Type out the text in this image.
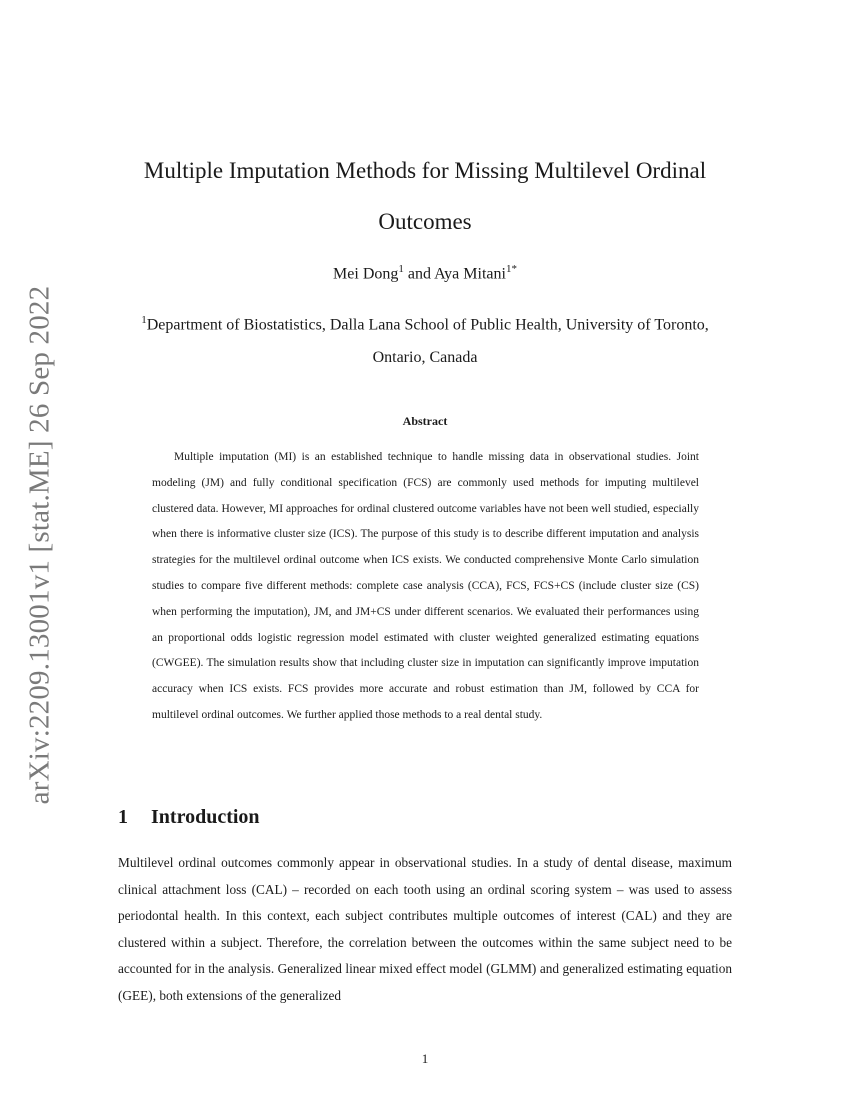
arXiv:2209.13001v1 [stat.ME] 26 Sep 2022
Multiple Imputation Methods for Missing Multilevel Ordinal Outcomes
Mei Dong$^1$ and Aya Mitani$^{1*}$
$^1$Department of Biostatistics, Dalla Lana School of Public Health, University of Toronto, Ontario, Canada
Abstract

Multiple imputation (MI) is an established technique to handle missing data in observational studies. Joint modeling (JM) and fully conditional specification (FCS) are commonly used methods for imputing multilevel clustered data. However, MI approaches for ordinal clustered outcome variables have not been well studied, especially when there is informative cluster size (ICS). The purpose of this study is to describe different imputation and analysis strategies for the multilevel ordinal outcome when ICS exists. We conducted comprehensive Monte Carlo simulation studies to compare five different methods: complete case analysis (CCA), FCS, FCS+CS (include cluster size (CS) when performing the imputation), JM, and JM+CS under different scenarios. We evaluated their performances using an proportional odds logistic regression model estimated with cluster weighted generalized estimating equations (CWGEE). The simulation results show that including cluster size in imputation can significantly improve imputation accuracy when ICS exists. FCS provides more accurate and robust estimation than JM, followed by CCA for multilevel ordinal outcomes. We further applied those methods to a real dental study.

1 Introduction

Multilevel ordinal outcomes commonly appear in observational studies. In a study of dental disease, maximum clinical attachment loss (CAL) – recorded on each tooth using an ordinal scoring system – was used to assess periodontal health. In this context, each subject contributes multiple outcomes of interest (CAL) and they are clustered within a subject. Therefore, the correlation between the outcomes within the same subject need to be accounted for in the analysis. Generalized linear mixed effect model (GLMM) and generalized estimating equation (GEE), both extensions of the generalized

1
